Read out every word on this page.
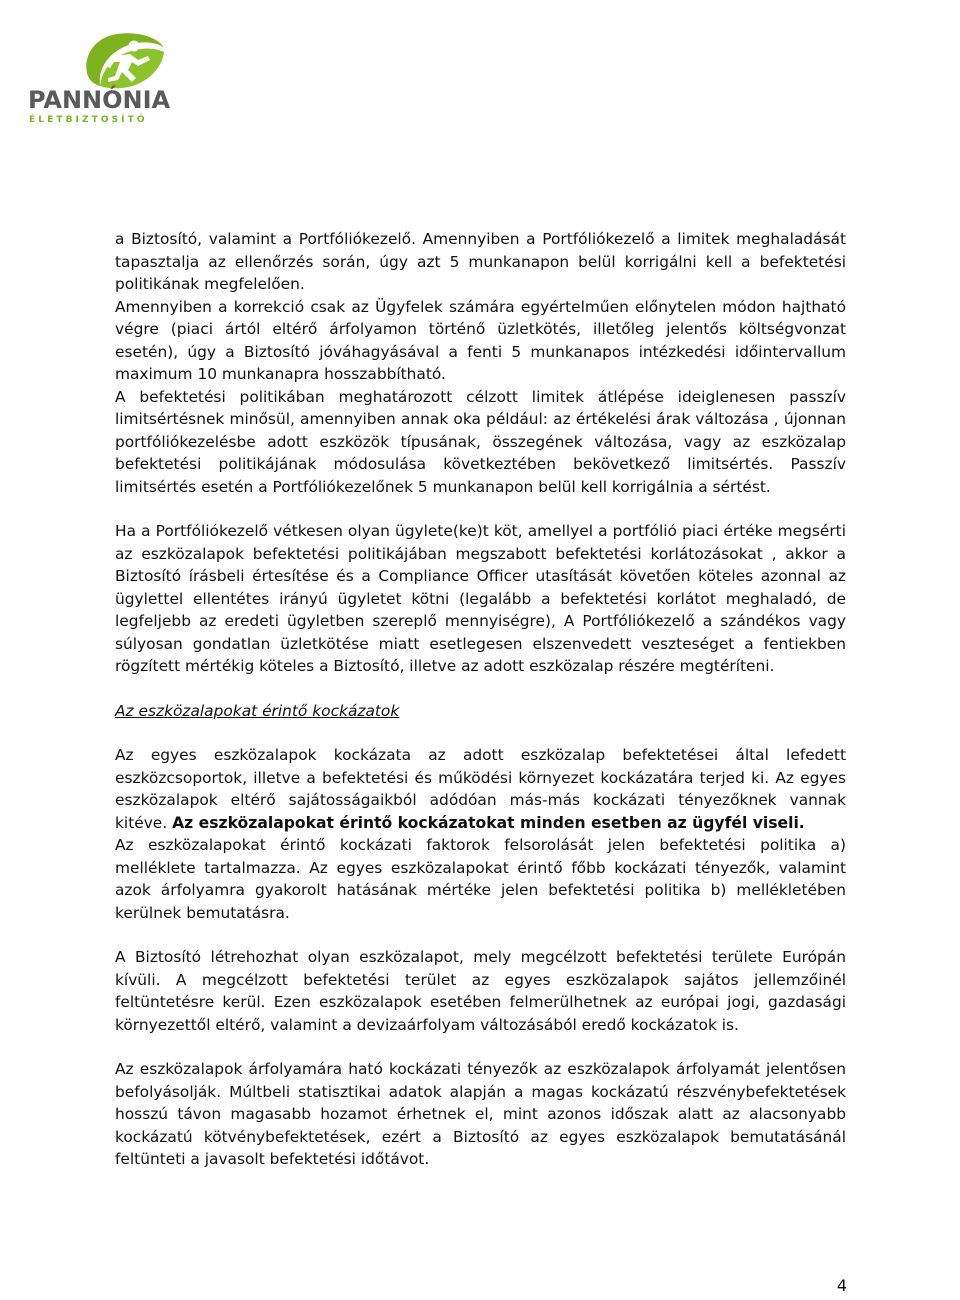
PANNÓNIA
ÉLETBIZTOSÍTÓ

a Biztosító, valamint a Portfóliókezelő. Amennyiben a Portfóliókezelő a limitek meghaladását tapasztalja az ellenőrzés során, úgy azt 5 munkanapon belül korrigálni kell a befektetési politikának megfelelően.

Amennyiben a korrekció csak az Ügyfelek számára egyértelműen előnytelen módon hajtható végre (piaci ártól eltérő árfolyamon történő üzletkötés, illetőleg jelentős költségvonzat esetén), úgy a Biztosító jóváhagyásával a fenti 5 munkanapos intézkedési időintervallum maximum 10 munkanapra hosszabbítható.

A befektetési politikában meghatározott célzott limitek átlépése ideiglenesen passzív limitsértésnek minősül, amennyiben annak oka például: az értékelési árak változása , újonnan portfóliókezelésbe adott eszközök típusának, összegének változása, vagy az eszközalap befektetési politikájának módosulása következtében bekövetkező limitsértés. Passzív limitsértés esetén a Portfóliókezelőnek 5 munkanapon belül kell korrigálnia a sértést.

Ha a Portfóliókezelő vétkesen olyan ügylete(ke)t köt, amellyel a portfólió piaci értéke megsérti az eszközalapok befektetési politikájában megszabott befektetési korlátozásokat , akkor a Biztosító írásbeli értesítése és a Compliance Officer utasítását követően köteles azonnal az ügylettel ellentétes irányú ügyletet kötni (legalább a befektetési korlátot meghaladó, de legfeljebb az eredeti ügyletben szereplő mennyiségre), A Portfóliókezelő a szándékos vagy súlyosan gondatlan üzletkötése miatt esetlegesen elszenvedett veszteséget a fentiekben rögzített mértékig köteles a Biztosító, illetve az adott eszközalap részére megtéríteni.

Az eszközalapokat érintő kockázatok

Az egyes eszközalapok kockázata az adott eszközalap befektetései által lefedett eszközcsoportok, illetve a befektetési és működési környezet kockázatára terjed ki. Az egyes eszközalapok eltérő sajátosságaikból adódóan más-más kockázati tényezőknek vannak kitéve. Az eszközalapokat érintő kockázatokat minden esetben az ügyfél viseli.

Az eszközalapokat érintő kockázati faktorok felsorolását jelen befektetési politika a) melléklete tartalmazza. Az egyes eszközalapokat érintő főbb kockázati tényezők, valamint azok árfolyamra gyakorolt hatásának mértéke jelen befektetési politika b) mellékletében kerülnek bemutatásra.

A Biztosító létrehozhat olyan eszközalapot, mely megcélzott befektetési területe Európán kívüli. A megcélzott befektetési terület az egyes eszközalapok sajátos jellemzőinél feltüntetésre kerül. Ezen eszközalapok esetében felmerülhetnek az európai jogi, gazdasági környezettől eltérő, valamint a devizaárfolyam változásából eredő kockázatok is.

Az eszközalapok árfolyamára ható kockázati tényezők az eszközalapok árfolyamát jelentősen befolyásolják. Múltbeli statisztikai adatok alapján a magas kockázatú részvénybefektetések hosszú távon magasabb hozamot érhetnek el, mint azonos időszak alatt az alacsonyabb kockázatú kötvénybefektetések, ezért a Biztosító az egyes eszközalapok bemutatásánál feltünteti a javasolt befektetési időtávot.

4
